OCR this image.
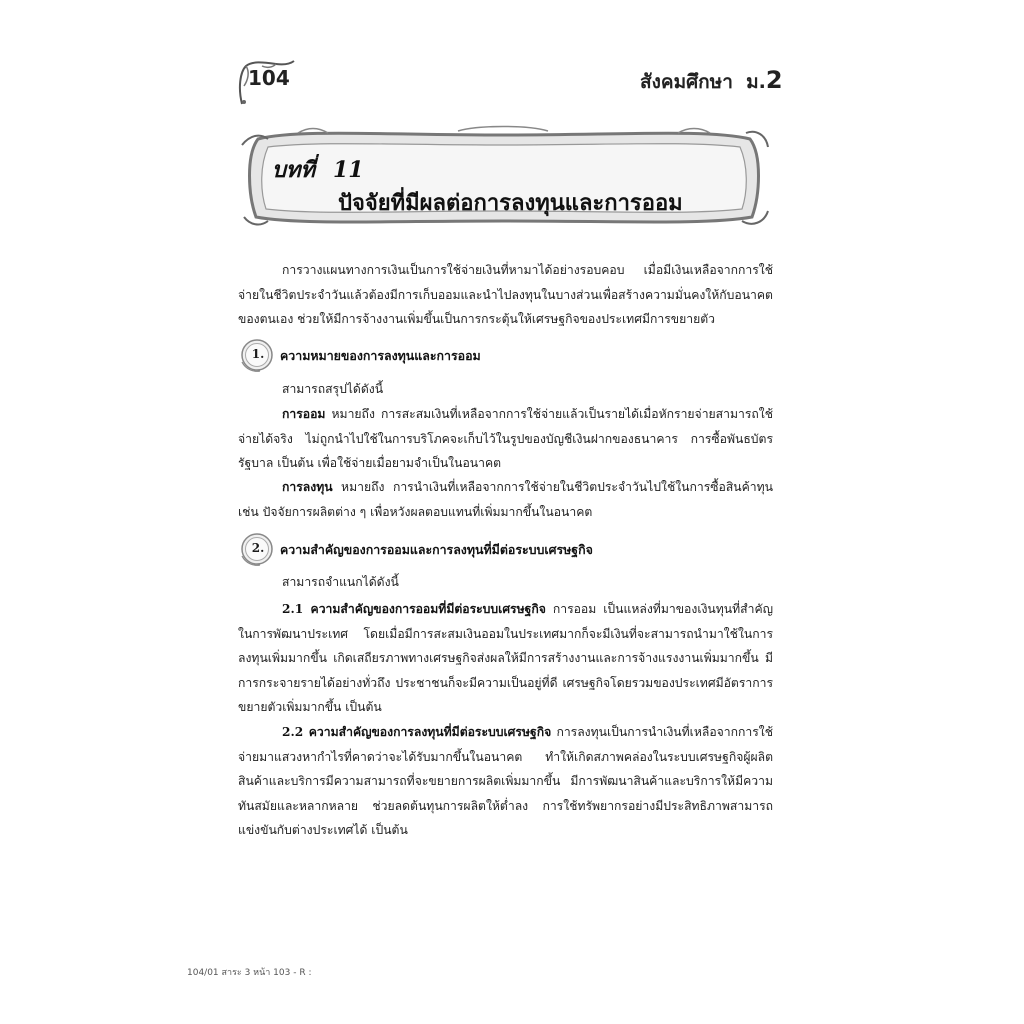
104	สังคมศึกษา ม.2
บทที่ 11
ปัจจัยที่มีผลต่อการลงทุนและการออม
การวางแผนทางการเงินเป็นการใช้จ่ายเงินที่หามาได้อย่างรอบคอบ เมื่อมีเงินเหลือจากการใช้จ่ายในชีวิตประจำวันแล้วต้องมีการเก็บออมและนำไปลงทุนในบางส่วนเพื่อสร้างความมั่นคงให้กับอนาคตของตนเอง ช่วยให้มีการจ้างงานเพิ่มขึ้นเป็นการกระตุ้นให้เศรษฐกิจของประเทศมีการขยายตัว
1.	ความหมายของการลงทุนและการออม
สามารถสรุปได้ดังนี้
การออม หมายถึง การสะสมเงินที่เหลือจากการใช้จ่ายแล้วเป็นรายได้เมื่อหักรายจ่ายสามารถใช้จ่ายได้จริง ไม่ถูกนำไปใช้ในการบริโภคจะเก็บไว้ในรูปของบัญชีเงินฝากของธนาคาร การซื้อพันธบัตรรัฐบาล เป็นต้น เพื่อใช้จ่ายเมื่อยามจำเป็นในอนาคต
การลงทุน หมายถึง การนำเงินที่เหลือจากการใช้จ่ายในชีวิตประจำวันไปใช้ในการซื้อสินค้าทุน เช่น ปัจจัยการผลิตต่าง ๆ เพื่อหวังผลตอบแทนที่เพิ่มมากขึ้นในอนาคต
2.	ความสำคัญของการออมและการลงทุนที่มีต่อระบบเศรษฐกิจ
สามารถจำแนกได้ดังนี้
2.1 ความสำคัญของการออมที่มีต่อระบบเศรษฐกิจ การออม เป็นแหล่งที่มาของเงินทุนที่สำคัญในการพัฒนาประเทศ โดยเมื่อมีการสะสมเงินออมในประเทศมากก็จะมีเงินที่จะสามารถนำมาใช้ในการลงทุนเพิ่มมากขึ้น เกิดเสถียรภาพทางเศรษฐกิจส่งผลให้มีการสร้างงานและการจ้างแรงงานเพิ่มมากขึ้น มีการกระจายรายได้อย่างทั่วถึง ประชาชนก็จะมีความเป็นอยู่ที่ดี เศรษฐกิจโดยรวมของประเทศมีอัตราการขยายตัวเพิ่มมากขึ้น เป็นต้น
2.2 ความสำคัญของการลงทุนที่มีต่อระบบเศรษฐกิจ การลงทุนเป็นการนำเงินที่เหลือจากการใช้จ่ายมาแสวงหากำไรที่คาดว่าจะได้รับมากขึ้นในอนาคต ทำให้เกิดสภาพคล่องในระบบเศรษฐกิจผู้ผลิตสินค้าและบริการมีความสามารถที่จะขยายการผลิตเพิ่มมากขึ้น มีการพัฒนาสินค้าและบริการให้มีความทันสมัยและหลากหลาย ช่วยลดต้นทุนการผลิตให้ต่ำลง การใช้ทรัพยากรอย่างมีประสิทธิภาพสามารถแข่งขันกับต่างประเทศได้ เป็นต้น
104/01 สาระ 3 หน้า 103 - R :
